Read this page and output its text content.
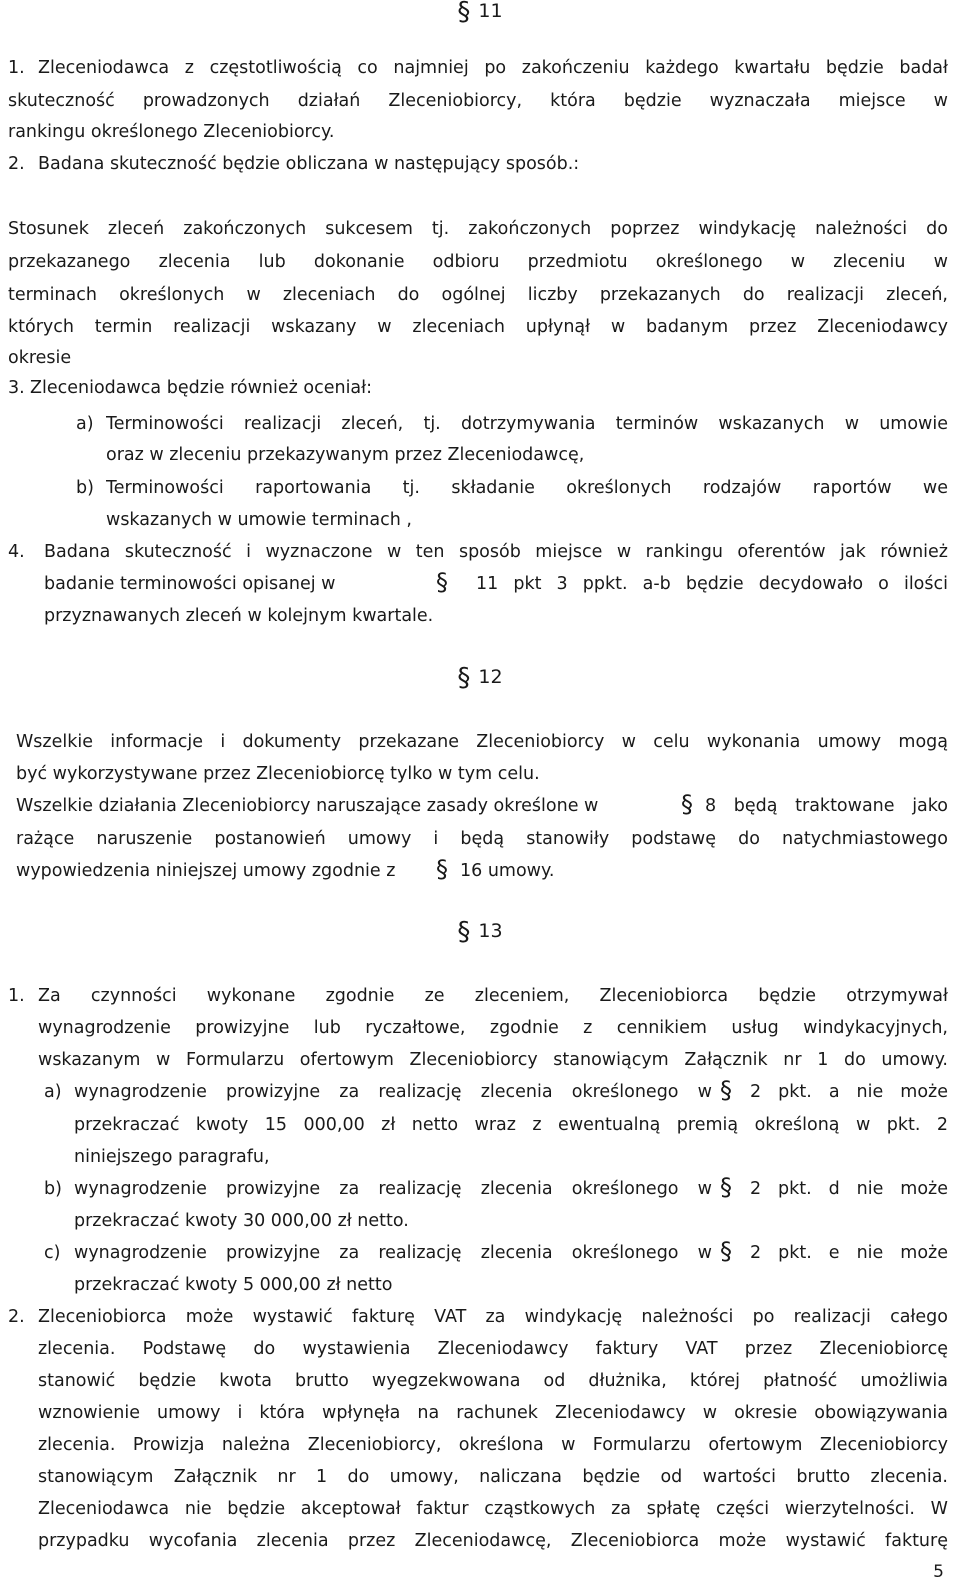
§ 11
1. Zleceniodawca z częstotliwością co najmniej po zakończeniu każdego kwartału będzie badał
skuteczność prowadzonych działań Zleceniobiorcy, która będzie wyznaczała miejsce w
rankingu określonego Zleceniobiorcy.
2. Badana skuteczność będzie obliczana w następujący sposób.:
Stosunek zleceń zakończonych sukcesem tj. zakończonych poprzez windykację należności do
przekazanego zlecenia lub dokonanie odbioru przedmiotu określonego w zleceniu w
terminach określonych w zleceniach do ogólnej liczby przekazanych do realizacji zleceń,
których termin realizacji wskazany w zleceniach upłynął w badanym przez Zleceniodawcy
okresie
3. Zleceniodawca będzie również oceniał:
a) Terminowości realizacji zleceń, tj. dotrzymywania terminów wskazanych w umowie
oraz w zleceniu przekazywanym przez Zleceniodawcę,
b) Terminowości raportowania tj. składanie określonych rodzajów raportów we
wskazanych w umowie terminach ,
4. Badana skuteczność i wyznaczone w ten sposób miejsce w rankingu oferentów jak również
badanie terminowości opisanej w	§ 11 pkt 3 ppkt. a-b będzie decydowało o ilości
przyznawanych zleceń w kolejnym kwartale.
§ 12
Wszelkie informacje i dokumenty przekazane Zleceniobiorcy w celu wykonania umowy mogą
być wykorzystywane przez Zleceniobiorcę tylko w tym celu.
Wszelkie działania Zleceniobiorcy naruszające zasady określone w	§ 8 będą traktowane jako
rażące naruszenie postanowień umowy i będą stanowiły podstawę do natychmiastowego
wypowiedzenia niniejszej umowy zgodnie z § 16 umowy.
§ 13
1. Za czynności wykonane zgodnie ze zleceniem, Zleceniobiorca będzie otrzymywał
wynagrodzenie prowizyjne lub ryczałtowe, zgodnie z cennikiem usług windykacyjnych,
wskazanym w Formularzu ofertowym Zleceniobiorcy stanowiącym Załącznik nr 1 do umowy.
a) wynagrodzenie prowizyjne za realizację zlecenia określonego w § 2 pkt. a nie może
przekraczać kwoty 15 000,00 zł netto wraz z ewentualną premią określoną w pkt. 2
niniejszego paragrafu,
b) wynagrodzenie prowizyjne za realizację zlecenia określonego w § 2 pkt. d nie może
przekraczać kwoty 30 000,00 zł netto.
c) wynagrodzenie prowizyjne za realizację zlecenia określonego w § 2 pkt. e nie może
przekraczać kwoty 5 000,00 zł netto
2. Zleceniobiorca może wystawić fakturę VAT za windykację należności po realizacji całego
zlecenia. Podstawę do wystawienia Zleceniodawcy faktury VAT przez Zleceniobiorcę
stanowić będzie kwota brutto wyegzekwowana od dłużnika, której płatność umożliwia
wznowienie umowy i która wpłynęła na rachunek Zleceniodawcy w okresie obowiązywania
zlecenia. Prowizja należna Zleceniobiorcy, określona w Formularzu ofertowym Zleceniobiorcy
stanowiącym Załącznik nr 1 do umowy, naliczana będzie od wartości brutto zlecenia.
Zleceniodawca nie będzie akceptował faktur cząstkowych za spłatę części wierzytelności. W
przypadku wycofania zlecenia przez Zleceniodawcę, Zleceniobiorca może wystawić fakturę
5
